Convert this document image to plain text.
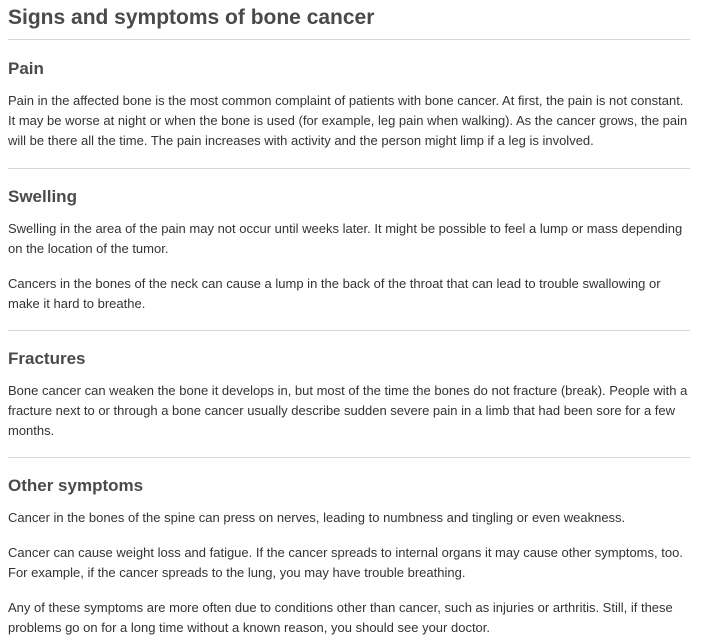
Signs and symptoms of bone cancer
Pain

Pain in the affected bone is the most common complaint of patients with bone cancer. At first, the pain is not constant. It may be worse at night or when the bone is used (for example, leg pain when walking). As the cancer grows, the pain will be there all the time. The pain increases with activity and the person might limp if a leg is involved.

Swelling

Swelling in the area of the pain may not occur until weeks later. It might be possible to feel a lump or mass depending on the location of the tumor.

Cancers in the bones of the neck can cause a lump in the back of the throat that can lead to trouble swallowing or make it hard to breathe.

Fractures

Bone cancer can weaken the bone it develops in, but most of the time the bones do not fracture (break). People with a fracture next to or through a bone cancer usually describe sudden severe pain in a limb that had been sore for a few months.

Other symptoms

Cancer in the bones of the spine can press on nerves, leading to numbness and tingling or even weakness.

Cancer can cause weight loss and fatigue. If the cancer spreads to internal organs it may cause other symptoms, too. For example, if the cancer spreads to the lung, you may have trouble breathing.

Any of these symptoms are more often due to conditions other than cancer, such as injuries or arthritis. Still, if these problems go on for a long time without a known reason, you should see your doctor.
